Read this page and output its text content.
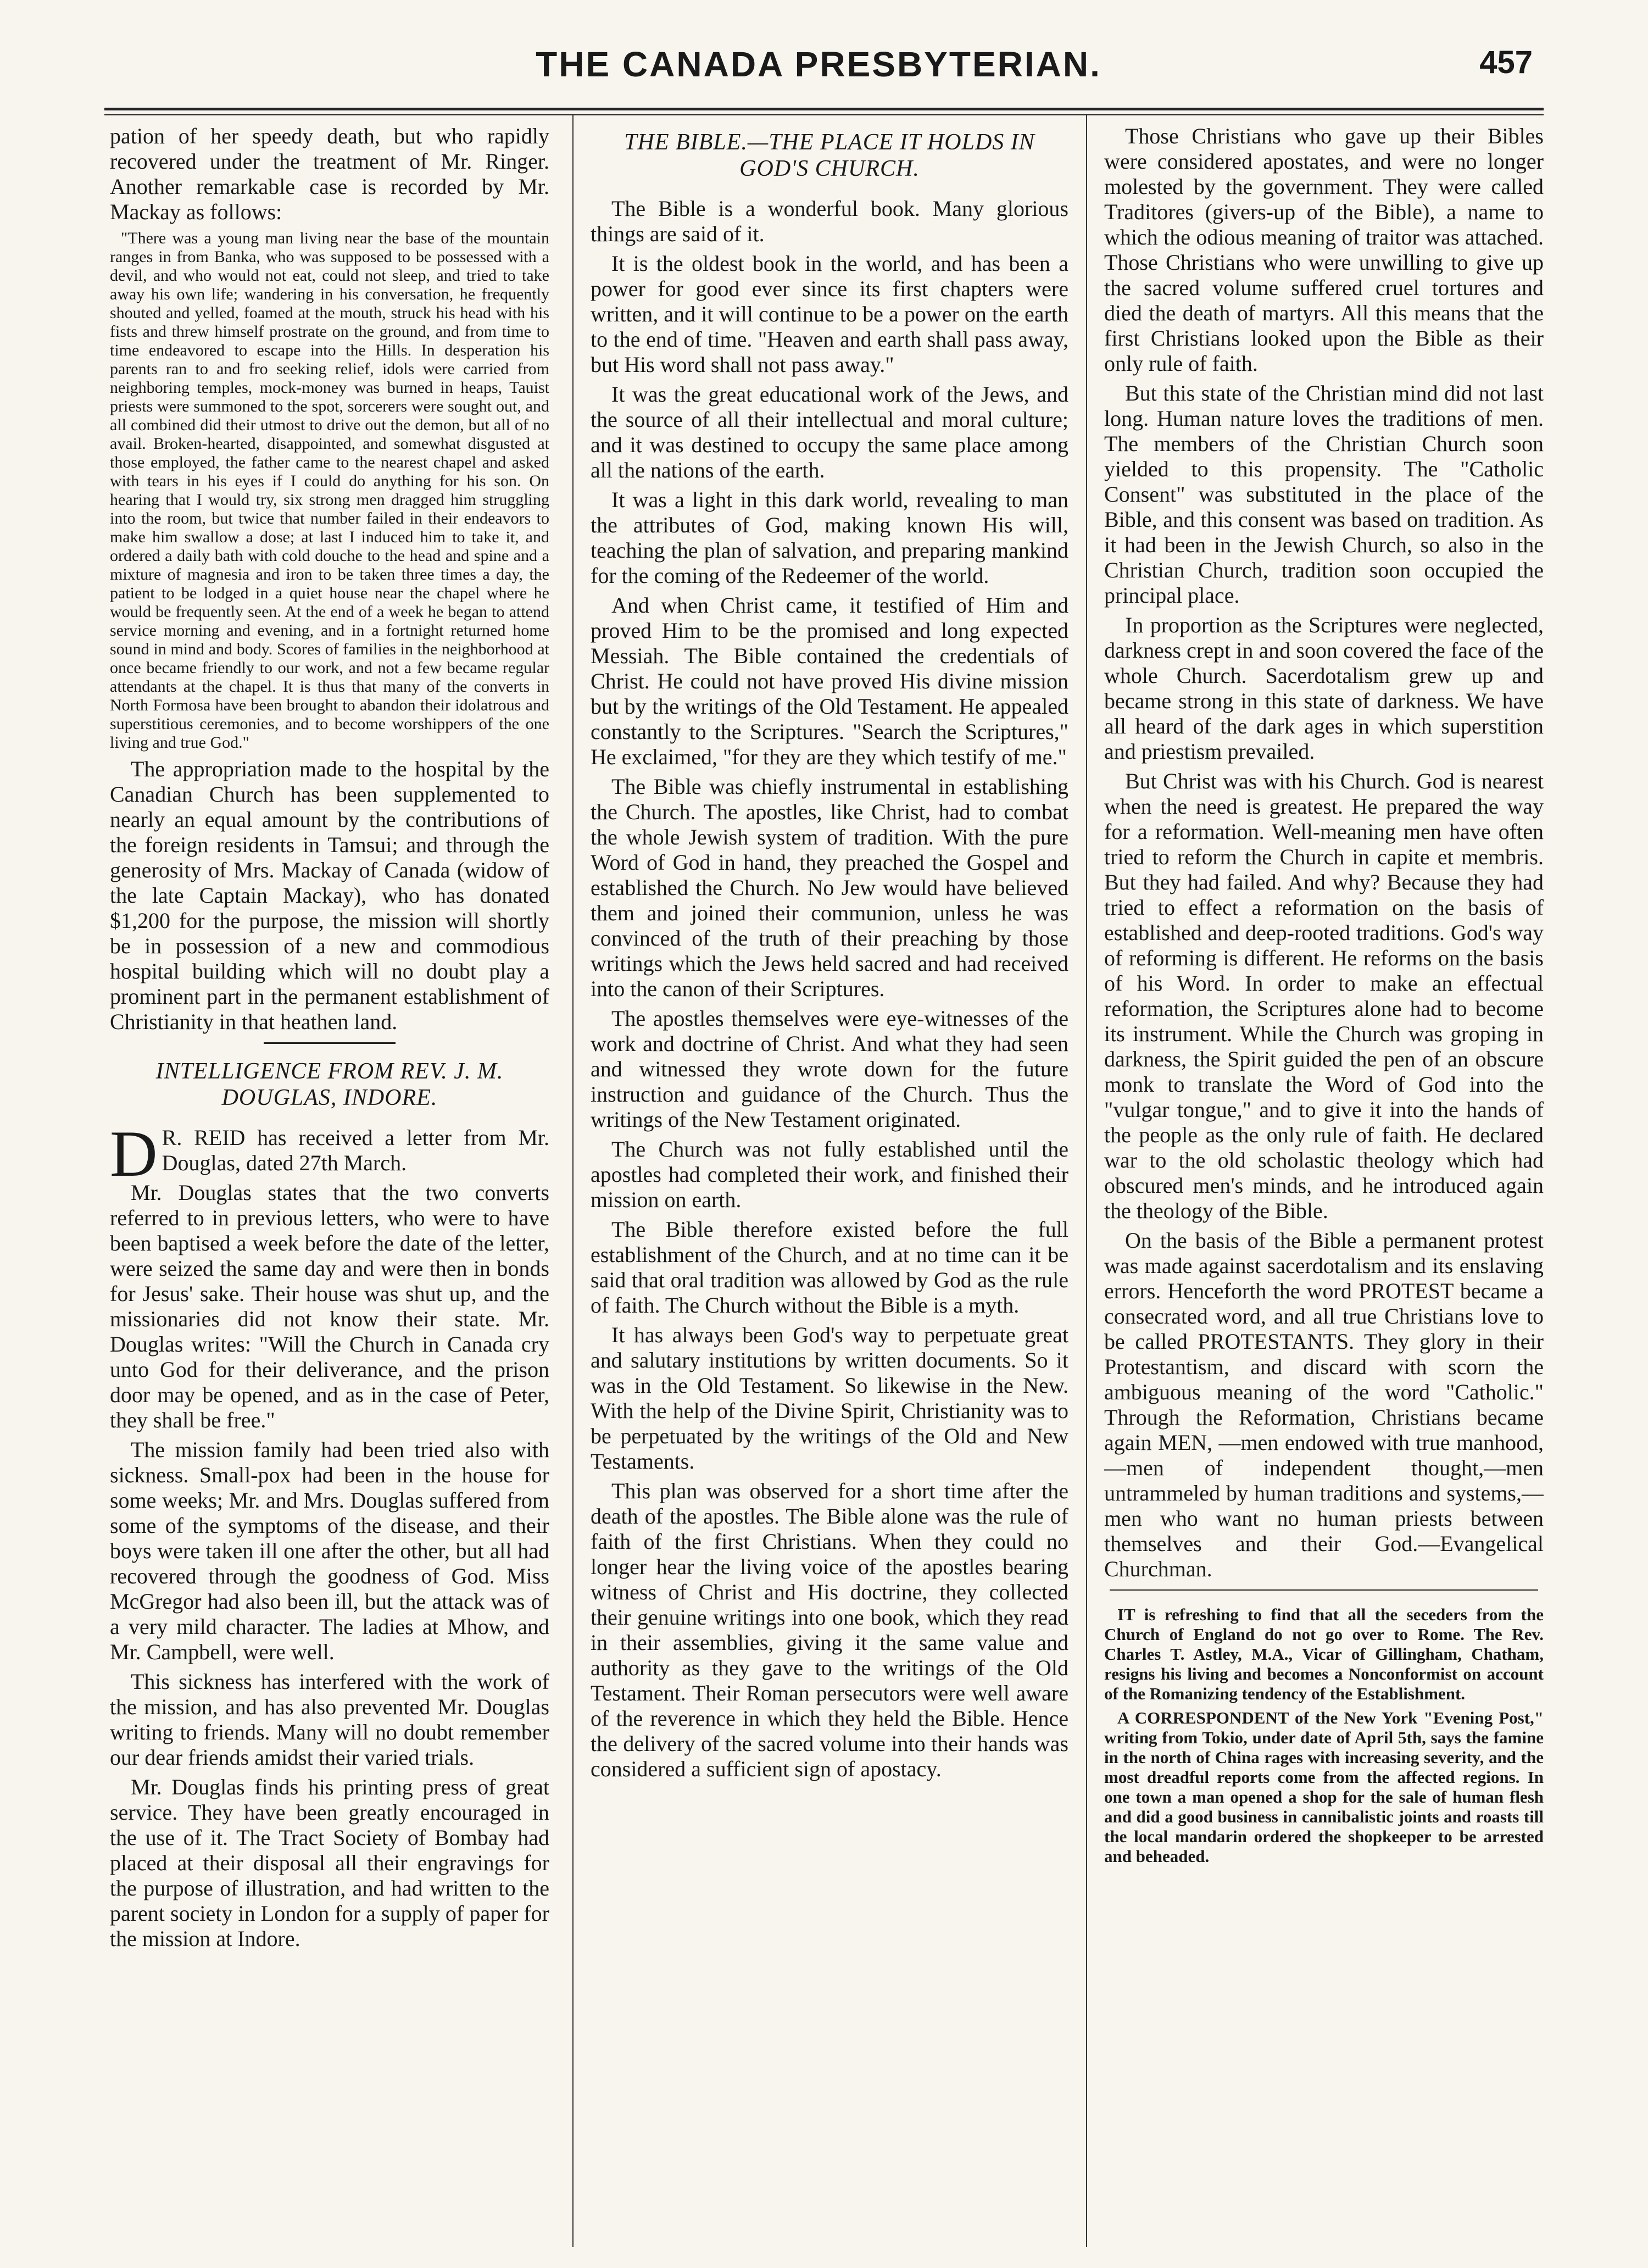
THE CANADA PRESBYTERIAN.	457

pation of her speedy death, but who rapidly recovered under the treatment of Mr. Ringer. Another remarkable case is recorded by Mr. Mackay as follows:

"There was a young man living near the base of the mountain ranges in from Banka, who was supposed to be possessed with a devil, and who would not eat, could not sleep, and tried to take away his own life; wandering in his conversation, he frequently shouted and yelled, foamed at the mouth, struck his head with his fists and threw himself prostrate on the ground, and from time to time endeavored to escape into the Hills. In desperation his parents ran to and fro seeking relief, idols were carried from neighboring temples, mock-money was burned in heaps, Tauist priests were summoned to the spot, sorcerers were sought out, and all combined did their utmost to drive out the demon, but all of no avail. Broken-hearted, disappointed, and somewhat disgusted at those employed, the father came to the nearest chapel and asked with tears in his eyes if I could do anything for his son. On hearing that I would try, six strong men dragged him struggling into the room, but twice that number failed in their endeavors to make him swallow a dose; at last I induced him to take it, and ordered a daily bath with cold douche to the head and spine and a mixture of magnesia and iron to be taken three times a day, the patient to be lodged in a quiet house near the chapel where he would be frequently seen. At the end of a week he began to attend service morning and evening, and in a fortnight returned home sound in mind and body. Scores of families in the neighborhood at once became friendly to our work, and not a few became regular attendants at the chapel. It is thus that many of the converts in North Formosa have been brought to abandon their idolatrous and superstitious ceremonies, and to become worshippers of the one living and true God."

The appropriation made to the hospital by the Canadian Church has been supplemented to nearly an equal amount by the contributions of the foreign residents in Tamsui; and through the generosity of Mrs. Mackay of Canada (widow of the late Captain Mackay), who has donated $1,200 for the purpose, the mission will shortly be in possession of a new and commodious hospital building which will no doubt play a prominent part in the permanent establishment of Christianity in that heathen land.

INTELLIGENCE FROM REV. J. M. DOUGLAS, INDORE.

D R. REID has received a letter from Mr. Douglas, dated 27th March.

Mr. Douglas states that the two converts referred to in previous letters, who were to have been baptised a week before the date of the letter, were seized the same day and were then in bonds for Jesus' sake. Their house was shut up, and the missionaries did not know their state. Mr. Douglas writes: "Will the Church in Canada cry unto God for their deliverance, and the prison door may be opened, and as in the case of Peter, they shall be free."

The mission family had been tried also with sickness. Small-pox had been in the house for some weeks; Mr. and Mrs. Douglas suffered from some of the symptoms of the disease, and their boys were taken ill one after the other, but all had recovered through the goodness of God. Miss McGregor had also been ill, but the attack was of a very mild character. The ladies at Mhow, and Mr. Campbell, were well.

This sickness has interfered with the work of the mission, and has also prevented Mr. Douglas writing to friends. Many will no doubt remember our dear friends amidst their varied trials.

Mr. Douglas finds his printing press of great service. They have been greatly encouraged in the use of it. The Tract Society of Bombay had placed at their disposal all their engravings for the purpose of illustration, and had written to the parent society in London for a supply of paper for the mission at Indore.

THE BIBLE.—THE PLACE IT HOLDS IN GOD'S CHURCH.

The Bible is a wonderful book. Many glorious things are said of it.

It is the oldest book in the world, and has been a power for good ever since its first chapters were written, and it will continue to be a power on the earth to the end of time. "Heaven and earth shall pass away, but His word shall not pass away."

It was the great educational work of the Jews, and the source of all their intellectual and moral culture; and it was destined to occupy the same place among all the nations of the earth.

It was a light in this dark world, revealing to man the attributes of God, making known His will, teaching the plan of salvation, and preparing mankind for the coming of the Redeemer of the world.

And when Christ came, it testified of Him and proved Him to be the promised and long expected Messiah. The Bible contained the credentials of Christ. He could not have proved His divine mission but by the writings of the Old Testament. He appealed constantly to the Scriptures. "Search the Scriptures," He exclaimed, "for they are they which testify of me."

The Bible was chiefly instrumental in establishing the Church. The apostles, like Christ, had to combat the whole Jewish system of tradition. With the pure Word of God in hand, they preached the Gospel and established the Church. No Jew would have believed them and joined their communion, unless he was convinced of the truth of their preaching by those writings which the Jews held sacred and had received into the canon of their Scriptures.

The apostles themselves were eye-witnesses of the work and doctrine of Christ. And what they had seen and witnessed they wrote down for the future instruction and guidance of the Church. Thus the writings of the New Testament originated.

The Church was not fully established until the apostles had completed their work, and finished their mission on earth.

The Bible therefore existed before the full establishment of the Church, and at no time can it be said that oral tradition was allowed by God as the rule of faith. The Church without the Bible is a myth.

It has always been God's way to perpetuate great and salutary institutions by written documents. So it was in the Old Testament. So likewise in the New. With the help of the Divine Spirit, Christianity was to be perpetuated by the writings of the Old and New Testaments.

This plan was observed for a short time after the death of the apostles. The Bible alone was the rule of faith of the first Christians. When they could no longer hear the living voice of the apostles bearing witness of Christ and His doctrine, they collected their genuine writings into one book, which they read in their assemblies, giving it the same value and authority as they gave to the writings of the Old Testament. Their Roman persecutors were well aware of the reverence in which they held the Bible. Hence the delivery of the sacred volume into their hands was considered a sufficient sign of apostacy.

Those Christians who gave up their Bibles were considered apostates, and were no longer molested by the government. They were called Traditores (givers-up of the Bible), a name to which the odious meaning of traitor was attached. Those Christians who were unwilling to give up the sacred volume suffered cruel tortures and died the death of martyrs. All this means that the first Christians looked upon the Bible as their only rule of faith.

But this state of the Christian mind did not last long. Human nature loves the traditions of men. The members of the Christian Church soon yielded to this propensity. The "Catholic Consent" was substituted in the place of the Bible, and this consent was based on tradition. As it had been in the Jewish Church, so also in the Christian Church, tradition soon occupied the principal place.

In proportion as the Scriptures were neglected, darkness crept in and soon covered the face of the whole Church. Sacerdotalism grew up and became strong in this state of darkness. We have all heard of the dark ages in which superstition and priestism prevailed.

But Christ was with his Church. God is nearest when the need is greatest. He prepared the way for a reformation. Well-meaning men have often tried to reform the Church in capite et membris. But they had failed. And why? Because they had tried to effect a reformation on the basis of established and deep-rooted traditions. God's way of reforming is different. He reforms on the basis of his Word. In order to make an effectual reformation, the Scriptures alone had to become its instrument. While the Church was groping in darkness, the Spirit guided the pen of an obscure monk to translate the Word of God into the "vulgar tongue," and to give it into the hands of the people as the only rule of faith. He declared war to the old scholastic theology which had obscured men's minds, and he introduced again the theology of the Bible.

On the basis of the Bible a permanent protest was made against sacerdotalism and its enslaving errors. Henceforth the word PROTEST became a consecrated word, and all true Christians love to be called PROTESTANTS. They glory in their Protestantism, and discard with scorn the ambiguous meaning of the word "Catholic." Through the Reformation, Christians became again MEN, —men endowed with true manhood,—men of independent thought,—men untrammeled by human traditions and systems,—men who want no human priests between themselves and their God.—Evangelical Churchman.

IT is refreshing to find that all the seceders from the Church of England do not go over to Rome. The Rev. Charles T. Astley, M.A., Vicar of Gillingham, Chatham, resigns his living and becomes a Nonconformist on account of the Romanizing tendency of the Establishment.

A CORRESPONDENT of the New York "Evening Post," writing from Tokio, under date of April 5th, says the famine in the north of China rages with increasing severity, and the most dreadful reports come from the affected regions. In one town a man opened a shop for the sale of human flesh and did a good business in cannibalistic joints and roasts till the local mandarin ordered the shopkeeper to be arrested and beheaded.
